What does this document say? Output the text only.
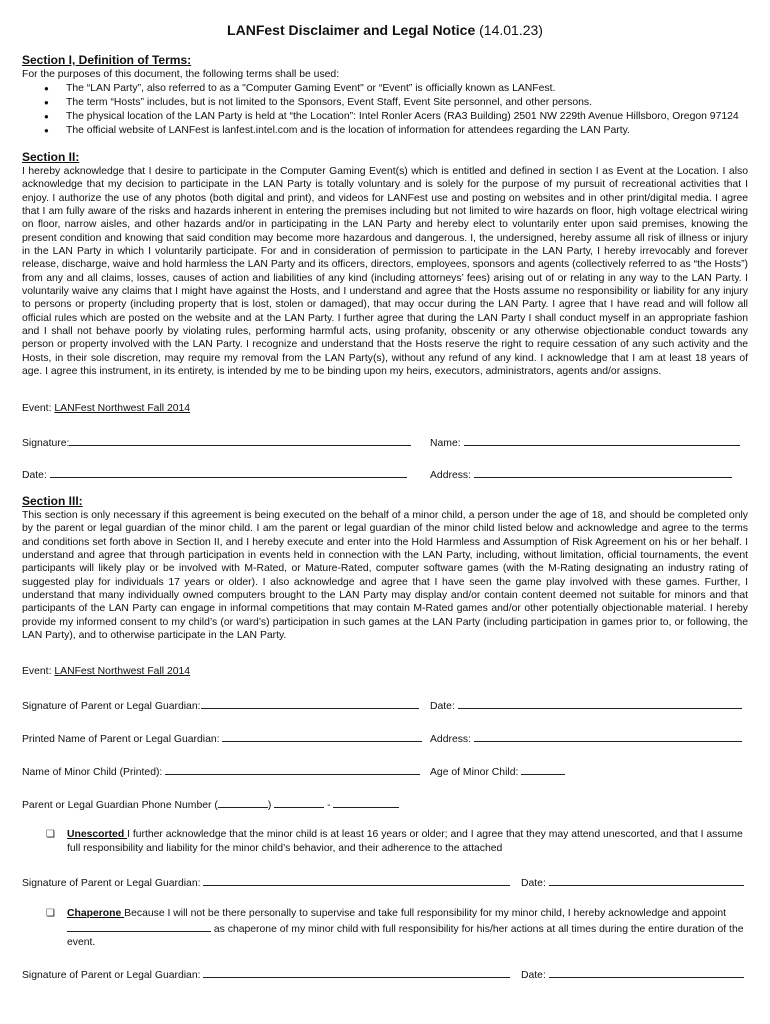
LANFest Disclaimer and Legal Notice (14.01.23)
Section I, Definition of Terms:
For the purposes of this document, the following terms shall be used:
● The “LAN Party”, also referred to as a "Computer Gaming Event" or “Event” is officially known as LANFest.
● The term “Hosts” includes, but is not limited to the Sponsors, Event Staff, Event Site personnel, and other persons.
● The physical location of the LAN Party is held at “the Location”: Intel Ronler Acers (RA3 Building) 2501 NW 229th Avenue Hillsboro, Oregon 97124
● The official website of LANFest is lanfest.intel.com and is the location of information for attendees regarding the LAN Party.
Section II:
I hereby acknowledge that I desire to participate in the Computer Gaming Event(s) which is entitled and defined in section I as Event at the Location. I also acknowledge that my decision to participate in the LAN Party is totally voluntary and is solely for the purpose of my pursuit of recreational activities that I enjoy. I authorize the use of any photos (both digital and print), and videos for LANFest use and posting on websites and in other print/digital media. I agree that I am fully aware of the risks and hazards inherent in entering the premises including but not limited to wire hazards on floor, high voltage electrical wiring on floor, narrow aisles, and other hazards and/or in participating in the LAN Party and hereby elect to voluntarily enter upon said premises, knowing the present condition and knowing that said condition may become more hazardous and dangerous. I, the undersigned, hereby assume all risk of illness or injury in the LAN Party in which I voluntarily participate. For and in consideration of permission to participate in the LAN Party, I hereby irrevocably and forever release, discharge, waive and hold harmless the LAN Party and its officers, directors, employees, sponsors and agents (collectively referred to as “the Hosts”) from any and all claims, losses, causes of action and liabilities of any kind (including attorneys’ fees) arising out of or relating in any way to the LAN Party. I voluntarily waive any claims that I might have against the Hosts, and I understand and agree that the Hosts assume no responsibility or liability for any injury to persons or property (including property that is lost, stolen or damaged), that may occur during the LAN Party. I agree that I have read and will follow all official rules which are posted on the website and at the LAN Party. I further agree that during the LAN Party I shall conduct myself in an appropriate fashion and I shall not behave poorly by violating rules, performing harmful acts, using profanity, obscenity or any otherwise objectionable conduct towards any person or property involved with the LAN Party. I recognize and understand that the Hosts reserve the right to require cessation of any such activity and the Hosts, in their sole discretion, may require my removal from the LAN Party(s), without any refund of any kind. I acknowledge that I am at least 18 years of age. I agree this instrument, in its entirety, is intended by me to be binding upon my heirs, executors, administrators, agents and/or assigns.
Event: LANFest Northwest Fall 2014
Signature:	Name:
Date:	Address:
Section III:
This section is only necessary if this agreement is being executed on the behalf of a minor child, a person under the age of 18, and should be completed only by the parent or legal guardian of the minor child. I am the parent or legal guardian of the minor child listed below and acknowledge and agree to the terms and conditions set forth above in Section II, and I hereby execute and enter into the Hold Harmless and Assumption of Risk Agreement on his or her behalf. I understand and agree that through participation in events held in connection with the LAN Party, including, without limitation, official tournaments, the event participants will likely play or be involved with M-Rated, or Mature-Rated, computer software games (with the M-Rating designating an industry rating of suggested play for individuals 17 years or older). I also acknowledge and agree that I have seen the game play involved with these games. Further, I understand that many individually owned computers brought to the LAN Party may display and/or contain content deemed not suitable for minors and that participants of the LAN Party can engage in informal competitions that may contain M-Rated games and/or other potentially objectionable material. I hereby provide my informed consent to my child’s (or ward’s) participation in such games at the LAN Party (including participation in games prior to, or following, the LAN Party), and to otherwise participate in the LAN Party.
Event: LANFest Northwest Fall 2014
Signature of Parent or Legal Guardian:	Date:
Printed Name of Parent or Legal Guardian:	Address:
Name of Minor Child (Printed):	Age of Minor Child:
Parent or Legal Guardian Phone Number (	)	-
❏ Unescorted I further acknowledge that the minor child is at least 16 years or older; and I agree that they may attend unescorted, and that I assume full responsibility and liability for the minor child’s behavior, and their adherence to the attached
Signature of Parent or Legal Guardian:	Date:
❏ Chaperone Because I will not be there personally to supervise and take full responsibility for my minor child, I hereby acknowledge and appoint  as chaperone of my minor child with full responsibility for his/her actions at all times during the entire duration of the event.
Signature of Parent or Legal Guardian:	Date:
